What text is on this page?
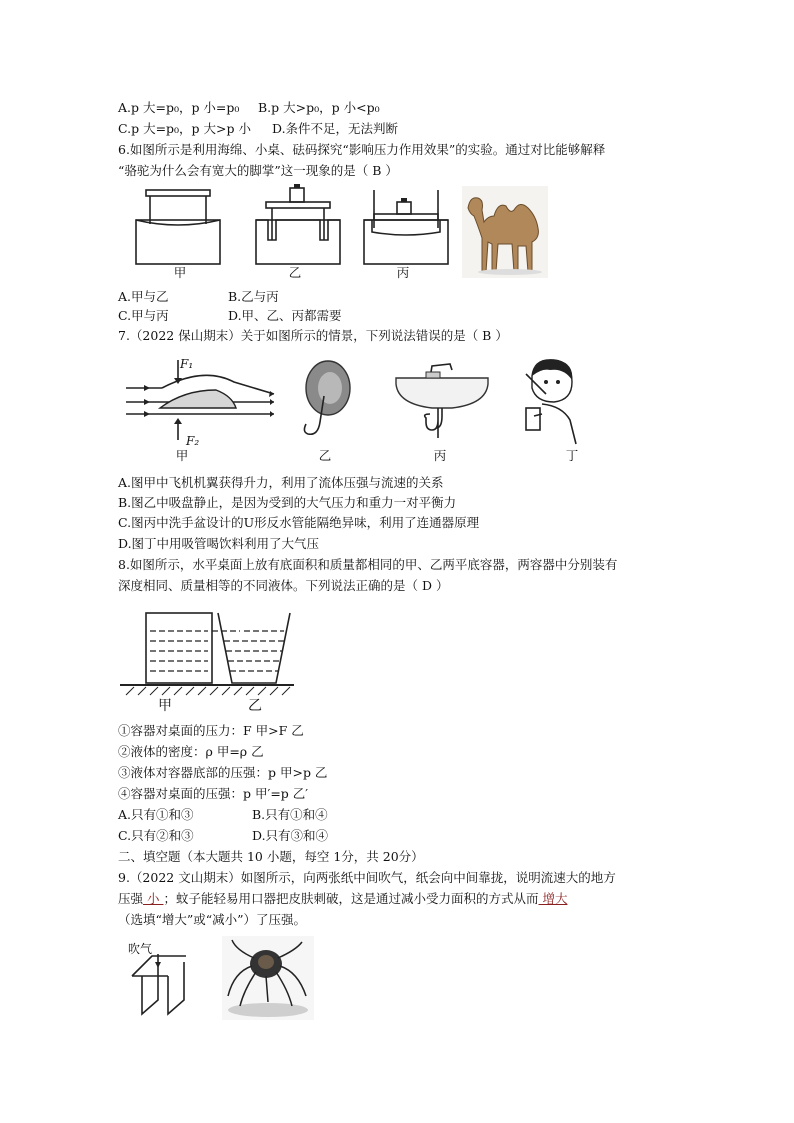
A.p 大=p₀，p 小=p₀ B.p 大>p₀，p 小<p₀
C.p 大=p₀，p 大>p 小 D.条件不足，无法判断
6.如图所示是利用海绵、小桌、砝码探究“影响压力作用效果”的实验。通过对比能够解释
“骆驼为什么会有宽大的脚掌”这一现象的是（ B ）
甲	乙	丙
A.甲与乙	B.乙与丙
C.甲与丙	D.甲、乙、丙都需要
7.（2022 保山期末）关于如图所示的情景，下列说法错误的是（ B ）
F₁
F₂
甲	乙	丙	丁
A.图甲中飞机机翼获得升力，利用了流体压强与流速的关系
B.图乙中吸盘静止，是因为受到的大气压力和重力一对平衡力
C.图丙中洗手盆设计的U形反水管能隔绝异味，利用了连通器原理
D.图丁中用吸管喝饮料利用了大气压
8.如图所示，水平桌面上放有底面积和质量都相同的甲、乙两平底容器，两容器中分别装有
深度相同、质量相等的不同液体。下列说法正确的是（ D ）
甲	乙
①容器对桌面的压力：F 甲>F 乙
②液体的密度：ρ 甲=ρ 乙
③液体对容器底部的压强：p 甲>p 乙
④容器对桌面的压强：p 甲′=p 乙′
A.只有①和③	B.只有①和④
C.只有②和③	D.只有③和④
二、填空题（本大题共 10 小题，每空 1分，共 20分）
9.（2022 文山期末）如图所示，向两张纸中间吹气，纸会向中间靠拢，说明流速大的地方
压强 小 ；蚊子能轻易用口器把皮肤刺破，这是通过减小受力面积的方式从而 增大
（选填“增大”或“减小”）了压强。
吹气
